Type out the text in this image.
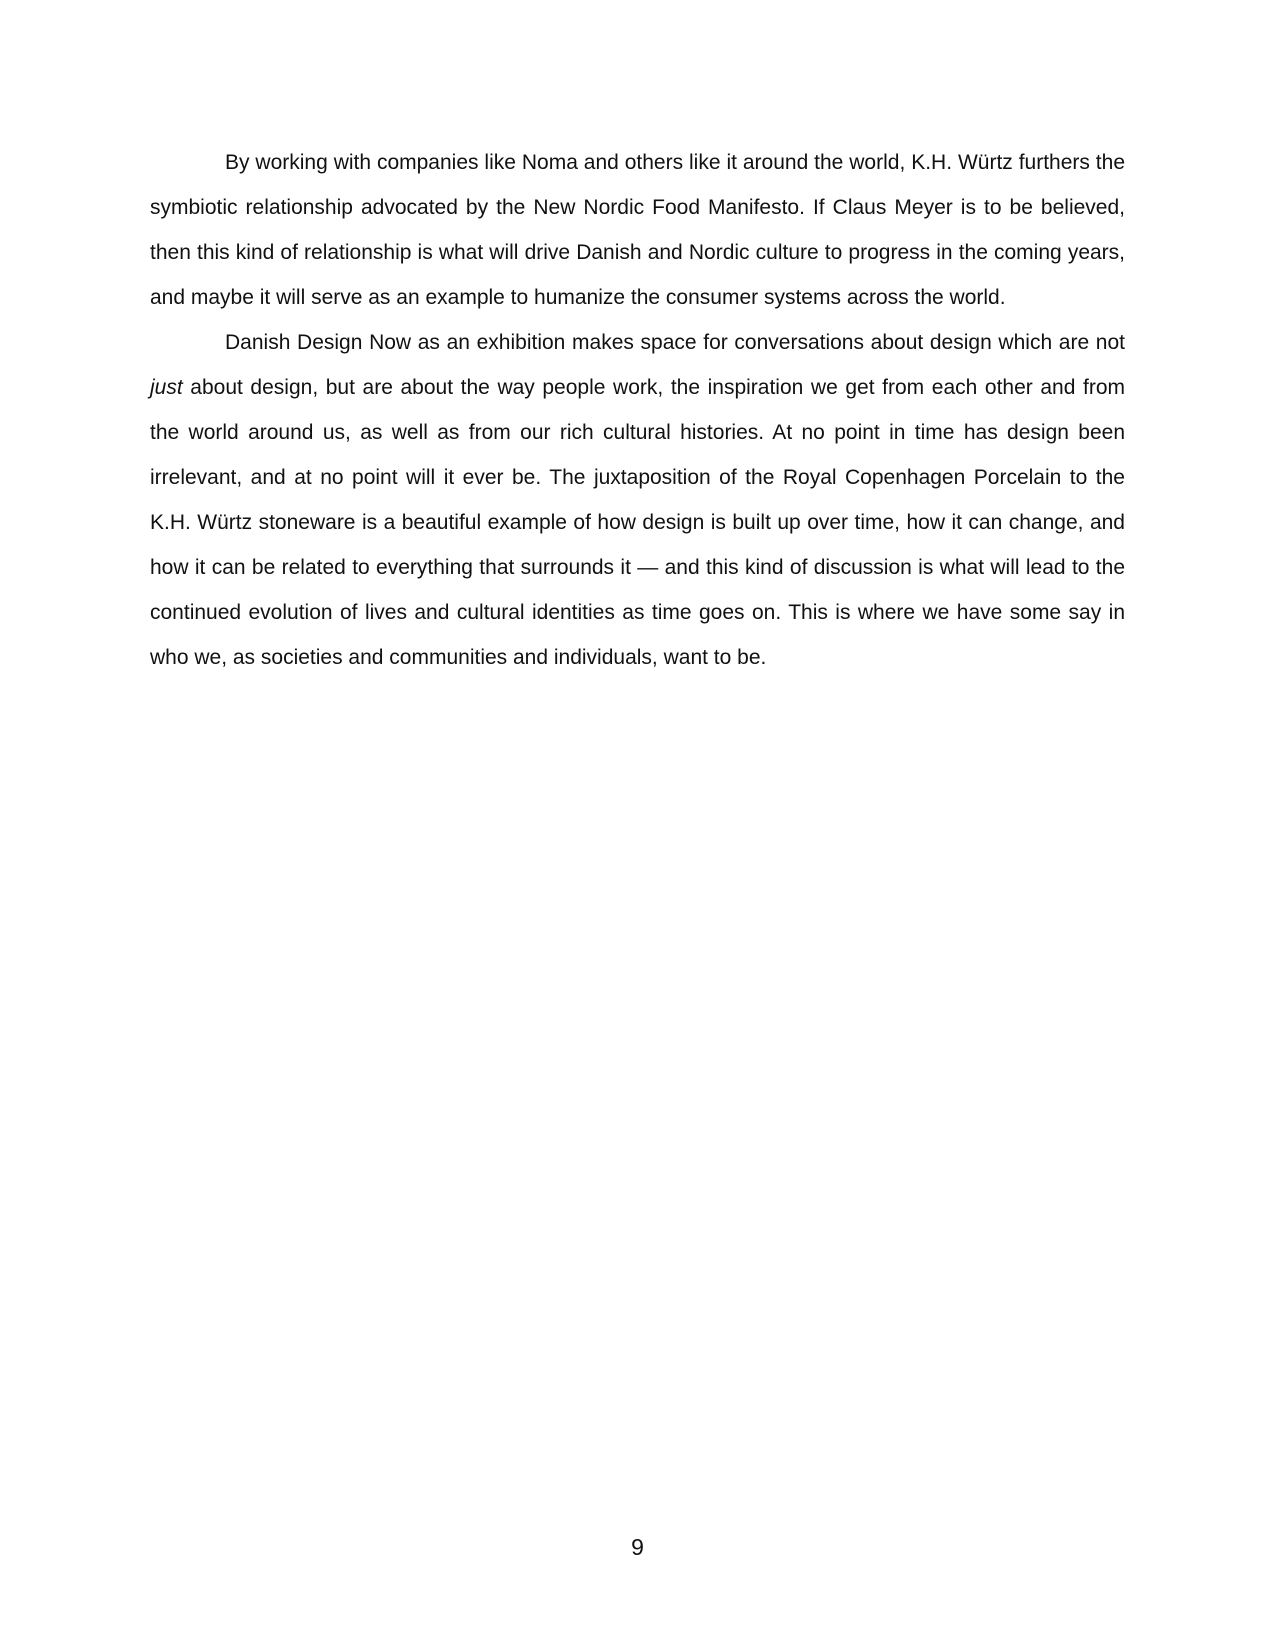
By working with companies like Noma and others like it around the world, K.H. Würtz furthers the symbiotic relationship advocated by the New Nordic Food Manifesto. If Claus Meyer is to be believed, then this kind of relationship is what will drive Danish and Nordic culture to progress in the coming years, and maybe it will serve as an example to humanize the consumer systems across the world.

Danish Design Now as an exhibition makes space for conversations about design which are not just about design, but are about the way people work, the inspiration we get from each other and from the world around us, as well as from our rich cultural histories. At no point in time has design been irrelevant, and at no point will it ever be. The juxtaposition of the Royal Copenhagen Porcelain to the K.H. Würtz stoneware is a beautiful example of how design is built up over time, how it can change, and how it can be related to everything that surrounds it — and this kind of discussion is what will lead to the continued evolution of lives and cultural identities as time goes on. This is where we have some say in who we, as societies and communities and individuals, want to be.

9
